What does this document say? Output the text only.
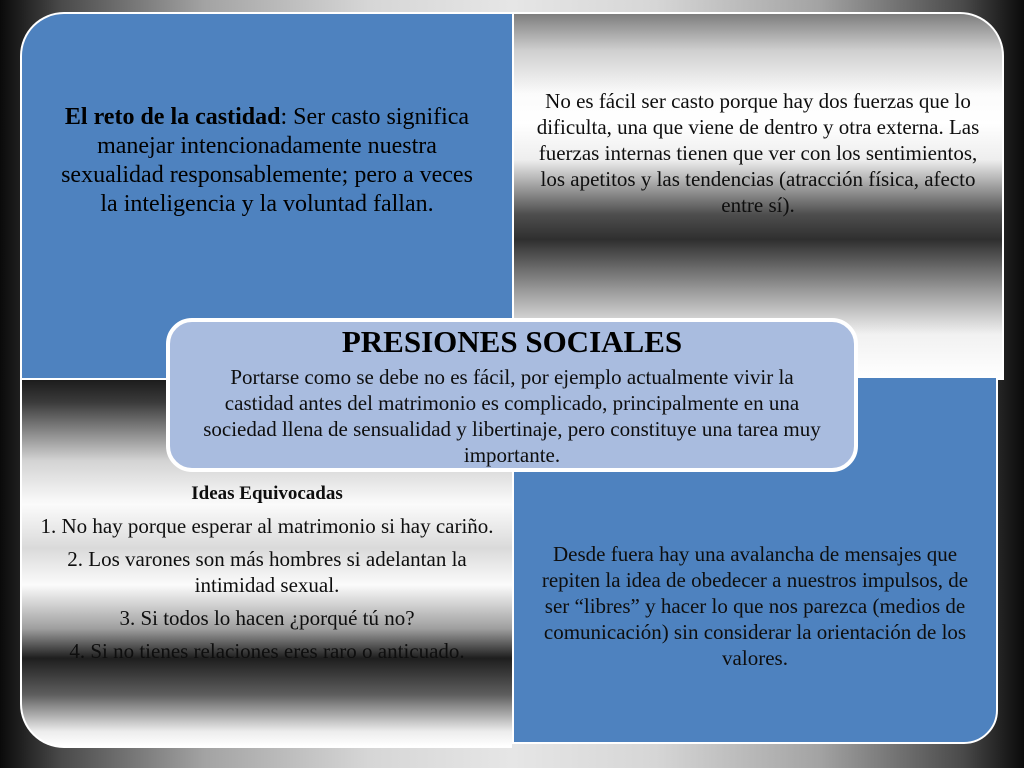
El reto de la castidad: Ser casto significa manejar intencionadamente nuestra sexualidad responsablemente; pero a veces la inteligencia y la voluntad fallan.

No es fácil ser casto porque hay dos fuerzas que lo dificulta, una que viene de dentro y otra externa. Las fuerzas internas tienen que ver con los sentimientos, los apetitos y las tendencias (atracción física, afecto entre sí).

Ideas Equivocadas

1. No hay porque esperar al matrimonio si hay cariño.

2. Los varones son más hombres si adelantan la intimidad sexual.

3. Si todos lo hacen ¿porqué tú no?

4. Si no tienes relaciones eres raro o anticuado.

Desde fuera hay una avalancha de mensajes que repiten la idea de obedecer a nuestros impulsos, de ser “libres” y hacer lo que nos parezca (medios de comunicación) sin considerar la orientación de los valores.

PRESIONES SOCIALES

Portarse como se debe no es fácil, por ejemplo actualmente vivir la castidad antes del matrimonio es complicado, principalmente en una sociedad llena de sensualidad y libertinaje, pero constituye una tarea muy importante.
